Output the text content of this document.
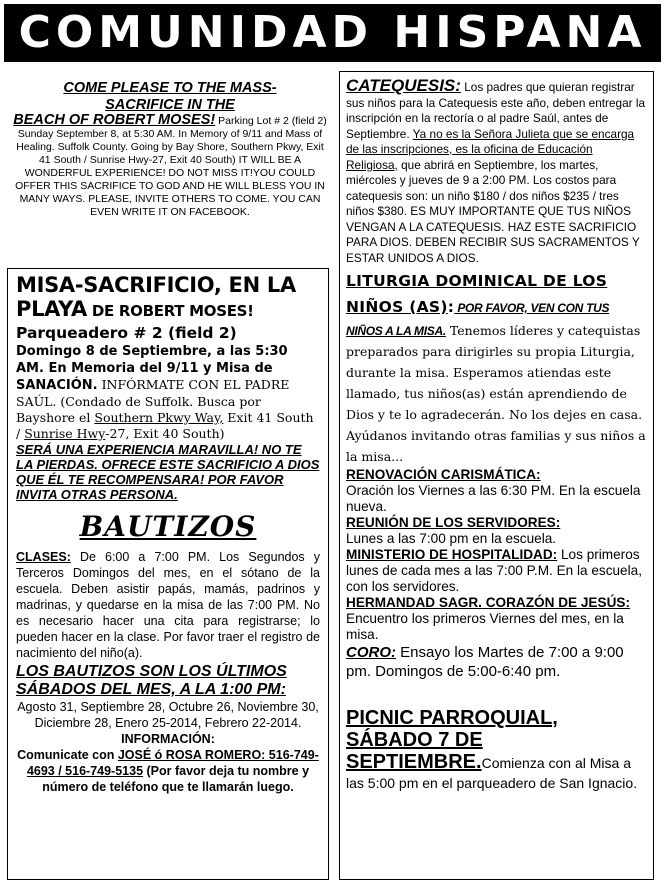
COMUNIDAD HISPANA
COME PLEASE TO THE MASS-
SACRIFICE IN THE
BEACH OF ROBERT MOSES! Parking Lot # 2 (field 2) Sunday September 8, at 5:30 AM. In Memory of 9/11 and Mass of Healing. Suffolk County. Going by Bay Shore, Southern Pkwy, Exit 41 South / Sunrise Hwy-27, Exit 40 South) IT WILL BE A WONDERFUL EXPERIENCE! DO NOT MISS IT!YOU COULD OFFER THIS SACRIFICE TO GOD AND HE WILL BLESS YOU IN MANY WAYS. PLEASE, INVITE OTHERS TO COME. YOU CAN EVEN WRITE IT ON FACEBOOK.
MISA-SACRIFICIO, EN LA
PLAYA DE ROBERT MOSES!
Parqueadero # 2 (field 2)
Domingo 8 de Septiembre, a las 5:30 AM. En Memoria del 9/11 y Misa de SANACIÓN. INFÓRMATE CON EL PADRE SAÚL. (Condado de Suffolk. Busca por Bayshore el Southern Pkwy Way, Exit 41 South / Sunrise Hwy-27, Exit 40 South)
SERÁ UNA EXPERIENCIA MARAVILLA! NO TE LA PIERDAS. OFRECE ESTE SACRIFICIO A DIOS QUE ÉL TE RECOMPENSARA! POR FAVOR INVITA OTRAS PERSONA.
BAUTIZOS
CLASES: De 6:00 a 7:00 PM. Los Segundos y Terceros Domingos del mes, en el sótano de la escuela. Deben asistir papás, mamás, padrinos y madrinas, y quedarse en la misa de las 7:00 PM. No es necesario hacer una cita para registrarse; lo pueden hacer en la clase. Por favor traer el registro de nacimiento del niño(a).
LOS BAUTIZOS SON LOS ÚLTIMOS SÁBADOS DEL MES, A LA 1:00 PM:
Agosto 31, Septiembre 28, Octubre 26, Noviembre 30, Diciembre 28, Enero 25-2014, Febrero 22-2014. INFORMACIÓN:
Comunicate con JOSÉ ó ROSA ROMERO: 516-749-4693 / 516-749-5135 (Por favor deja tu nombre y número de teléfono que te llamarán luego.
CATEQUESIS: Los padres que quieran registrar sus niños para la Catequesis este año, deben entregar la inscripción en la rectoría o al padre Saúl, antes de Septiembre. Ya no es la Señora Julieta que se encarga de las inscripciones, es la oficina de Educación Religiosa, que abrirá en Septiembre, los martes, miércoles y jueves de 9 a 2:00 PM. Los costos para catequesis son: un niño $180 / dos niños $235 / tres niños $380. ES MUY IMPORTANTE QUE TUS NIÑOS VENGAN A LA CATEQUESIS. HAZ ESTE SACRIFICIO PARA DIOS. DEBEN RECIBIR SUS SACRAMENTOS Y ESTAR UNIDOS A DIOS.
LITURGIA DOMINICAL DE LOS NIÑOS (AS): POR FAVOR, VEN CON TUS NIÑOS A LA MISA. Tenemos líderes y catequistas preparados para dirigirles su propia Liturgia, durante la misa. Esperamos atiendas este llamado, tus niños(as) están aprendiendo de Dios y te lo agradecerán. No los dejes en casa. Ayúdanos invitando otras familias y sus niños a la misa...
RENOVACIÓN CARISMÁTICA:
Oración los Viernes a las 6:30 PM. En la escuela nueva.
REUNIÓN DE LOS SERVIDORES:
Lunes a las 7:00 pm en la escuela.
MINISTERIO DE HOSPITALIDAD: Los primeros lunes de cada mes a las 7:00 P.M. En la escuela, con los servidores.
HERMANDAD SAGR. CORAZÓN DE JESÚS: Encuentro los primeros Viernes del mes, en la misa.
CORO: Ensayo los Martes de 7:00 a 9:00 pm. Domingos de 5:00-6:40 pm.
PICNIC PARROQUIAL, SÁBADO 7 DE SEPTIEMBRE.Comienza con al Misa a las 5:00 pm en el parqueadero de San Ignacio.
